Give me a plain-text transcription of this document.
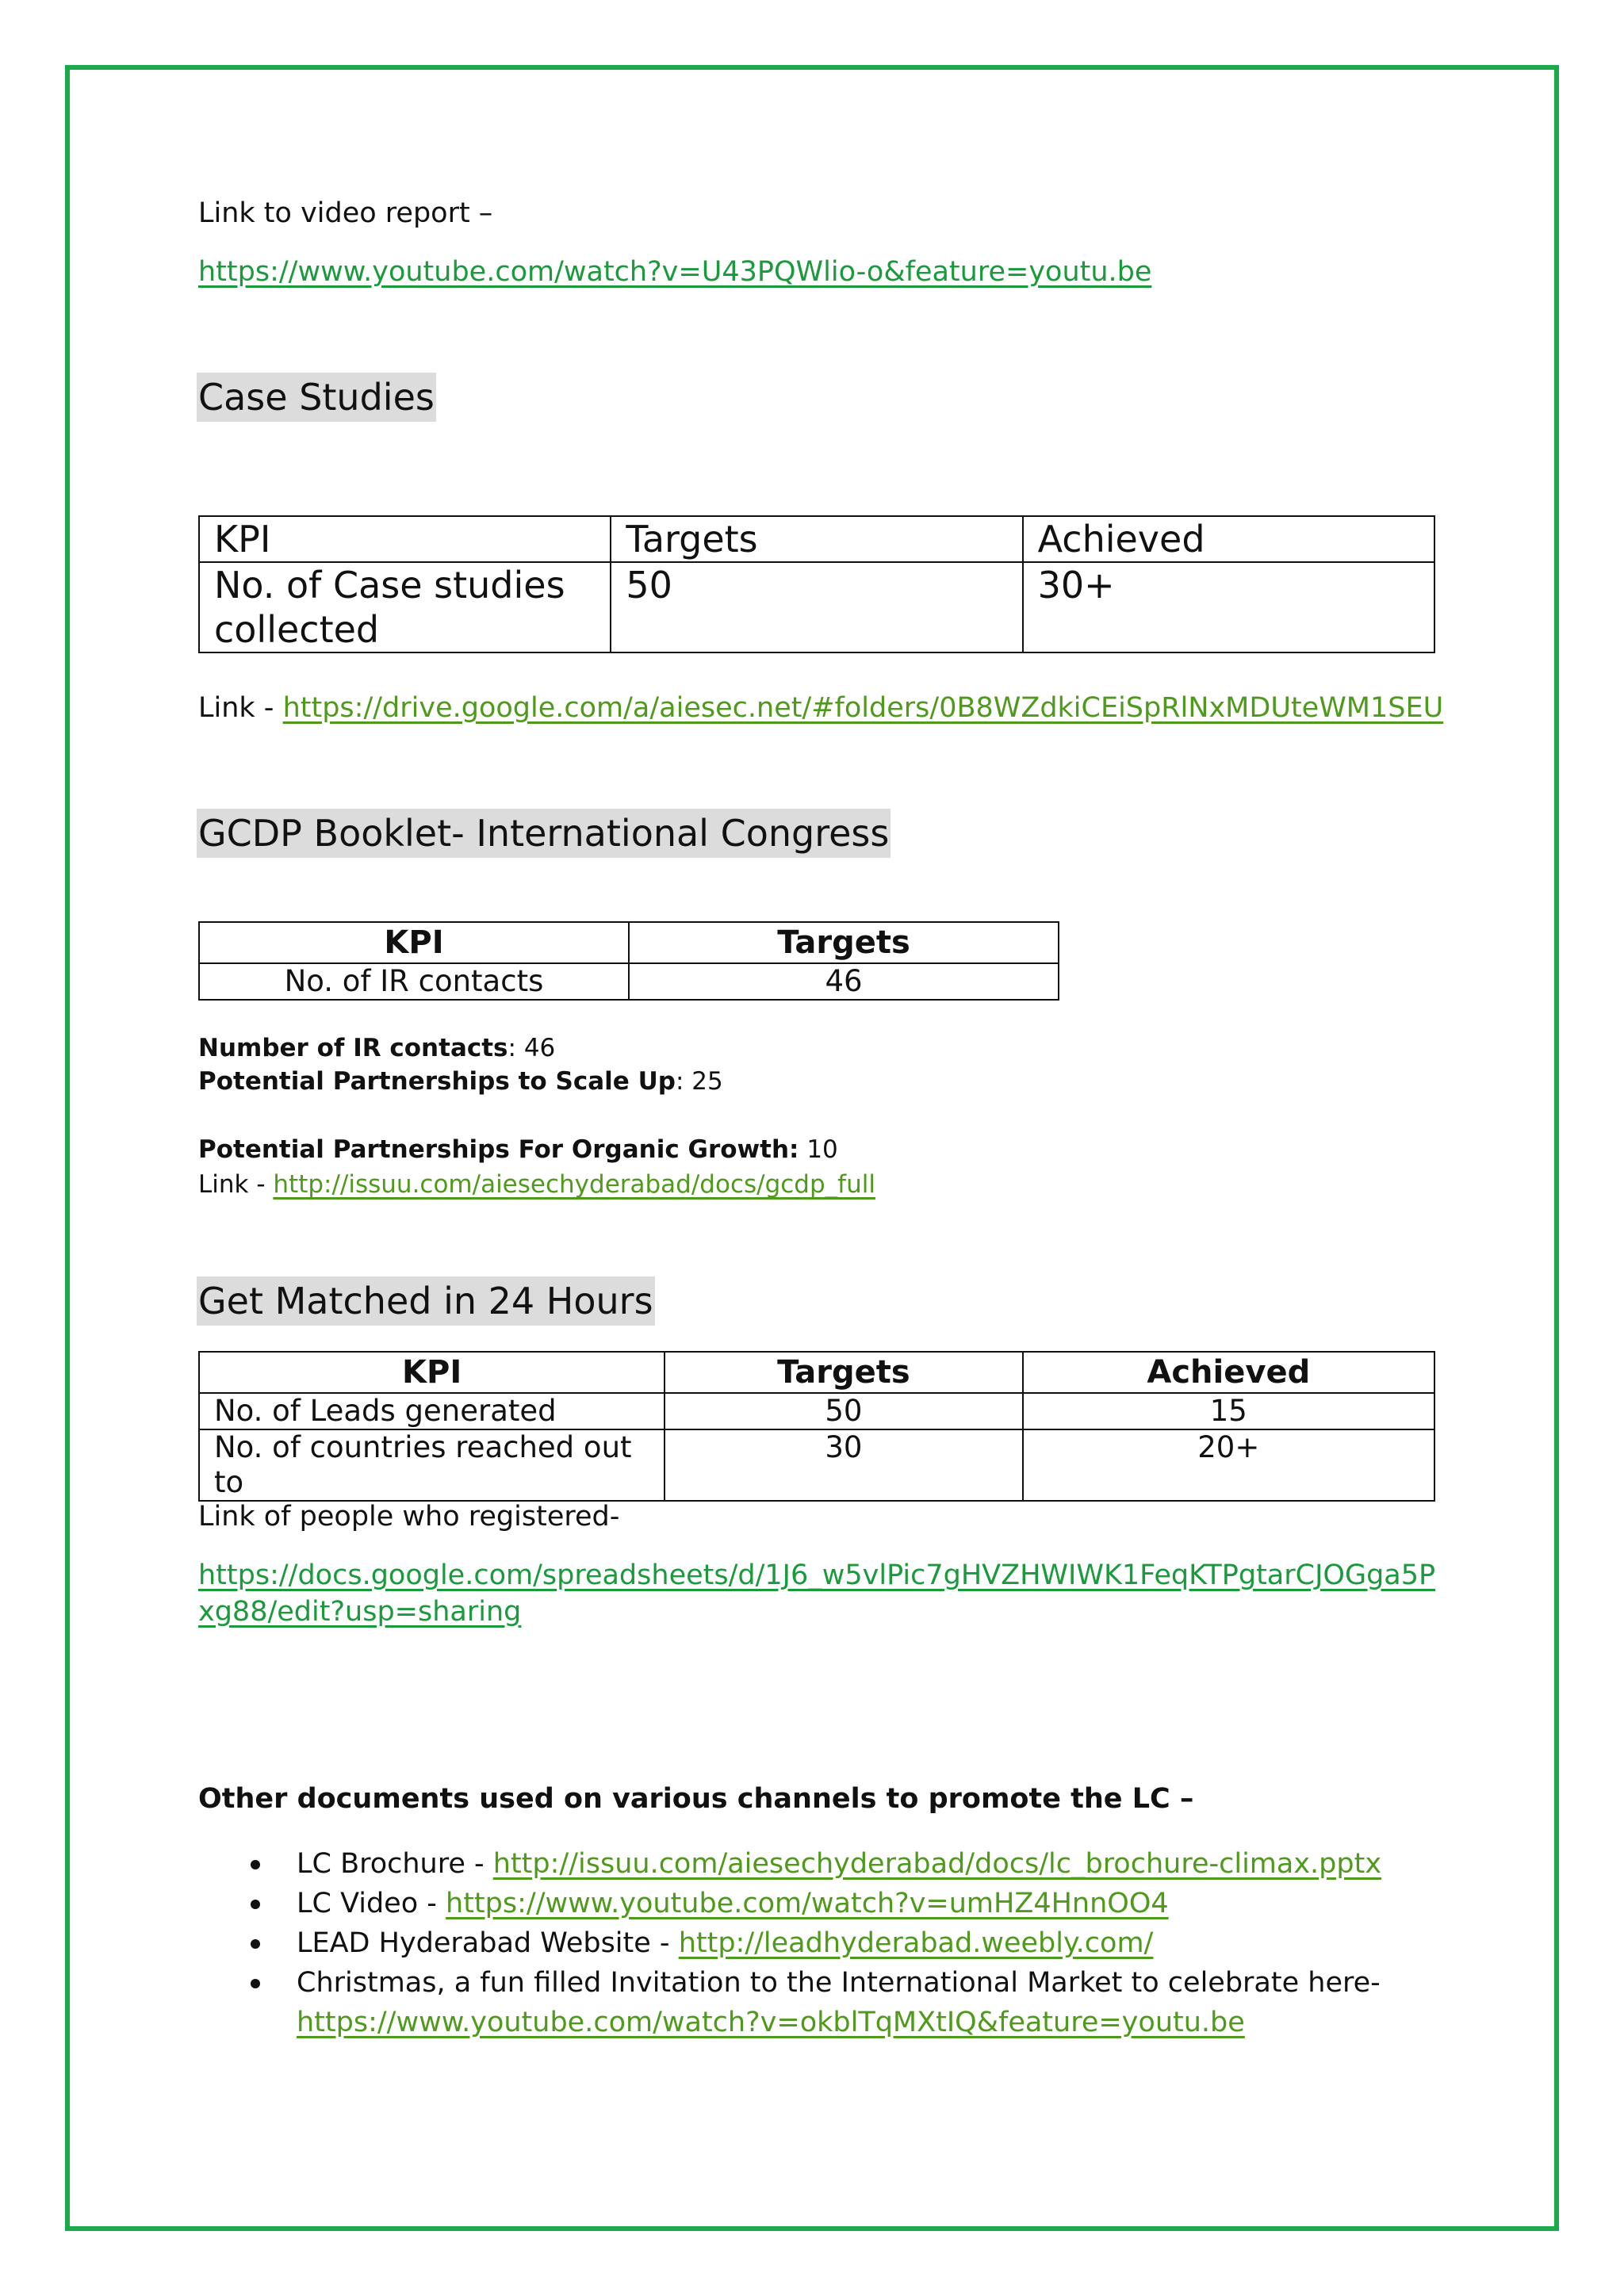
Link to video report –

https://www.youtube.com/watch?v=U43PQWlio-o&feature=youtu.be

Case Studies
KPI	Targets	Achieved
No. of Case studies collected	50	30+

Link - https://drive.google.com/a/aiesec.net/#folders/0B8WZdkiCEiSpRlNxMDUteWM1SEU

GCDP Booklet- International Congress
KPI	Targets
No. of IR contacts	46

Number of IR contacts: 46

Potential Partnerships to Scale Up: 25

Potential Partnerships For Organic Growth: 10

Link - http://issuu.com/aiesechyderabad/docs/gcdp_full

Get Matched in 24 Hours
KPI	Targets	Achieved
No. of Leads generated	50	15
No. of countries reached out to	30	20+

Link of people who registered-

https://docs.google.com/spreadsheets/d/1J6_w5vlPic7gHVZHWIWK1FeqKTPgtarCJOGga5P
xg88/edit?usp=sharing

Other documents used on various channels to promote the LC –

LC Brochure - http://issuu.com/aiesechyderabad/docs/lc_brochure-climax.pptx
LC Video - https://www.youtube.com/watch?v=umHZ4HnnOO4
LEAD Hyderabad Website - http://leadhyderabad.weebly.com/
Christmas, a fun filled Invitation to the International Market to celebrate here-
https://www.youtube.com/watch?v=okblTqMXtIQ&feature=youtu.be
